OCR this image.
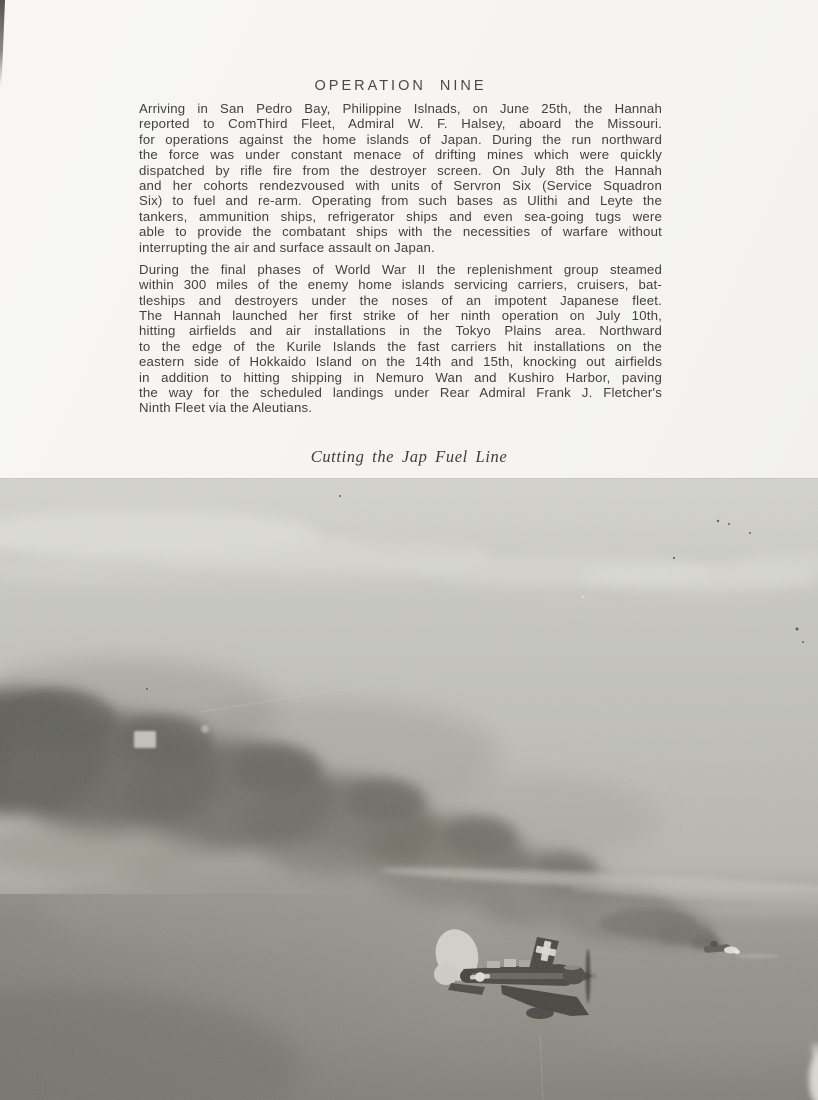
OPERATION NINE
Arriving in San Pedro Bay, Philippine Islnads, on June 25th, the Hannah
reported to ComThird Fleet, Admiral W. F. Halsey, aboard the Missouri.
for operations against the home islands of Japan. During the run northward
the force was under constant menace of drifting mines which were quickly
dispatched by rifle fire from the destroyer screen. On July 8th the Hannah
and her cohorts rendezvoused with units of Servron Six (Service Squadron
Six) to fuel and re-arm. Operating from such bases as Ulithi and Leyte the
tankers, ammunition ships, refrigerator ships and even sea-going tugs were
able to provide the combatant ships with the necessities of warfare without
interrupting the air and surface assault on Japan.
During the final phases of World War II the replenishment group steamed
within 300 miles of the enemy home islands servicing carriers, cruisers, bat-
tleships and destroyers under the noses of an impotent Japanese fleet.
The Hannah launched her first strike of her ninth operation on July 10th,
hitting airfields and air installations in the Tokyo Plains area. Northward
to the edge of the Kurile Islands the fast carriers hit installations on the
eastern side of Hokkaido Island on the 14th and 15th, knocking out airfields
in addition to hitting shipping in Nemuro Wan and Kushiro Harbor, paving
the way for the scheduled landings under Rear Admiral Frank J. Fletcher's
Ninth Fleet via the Aleutians.
Cutting the Jap Fuel Line
